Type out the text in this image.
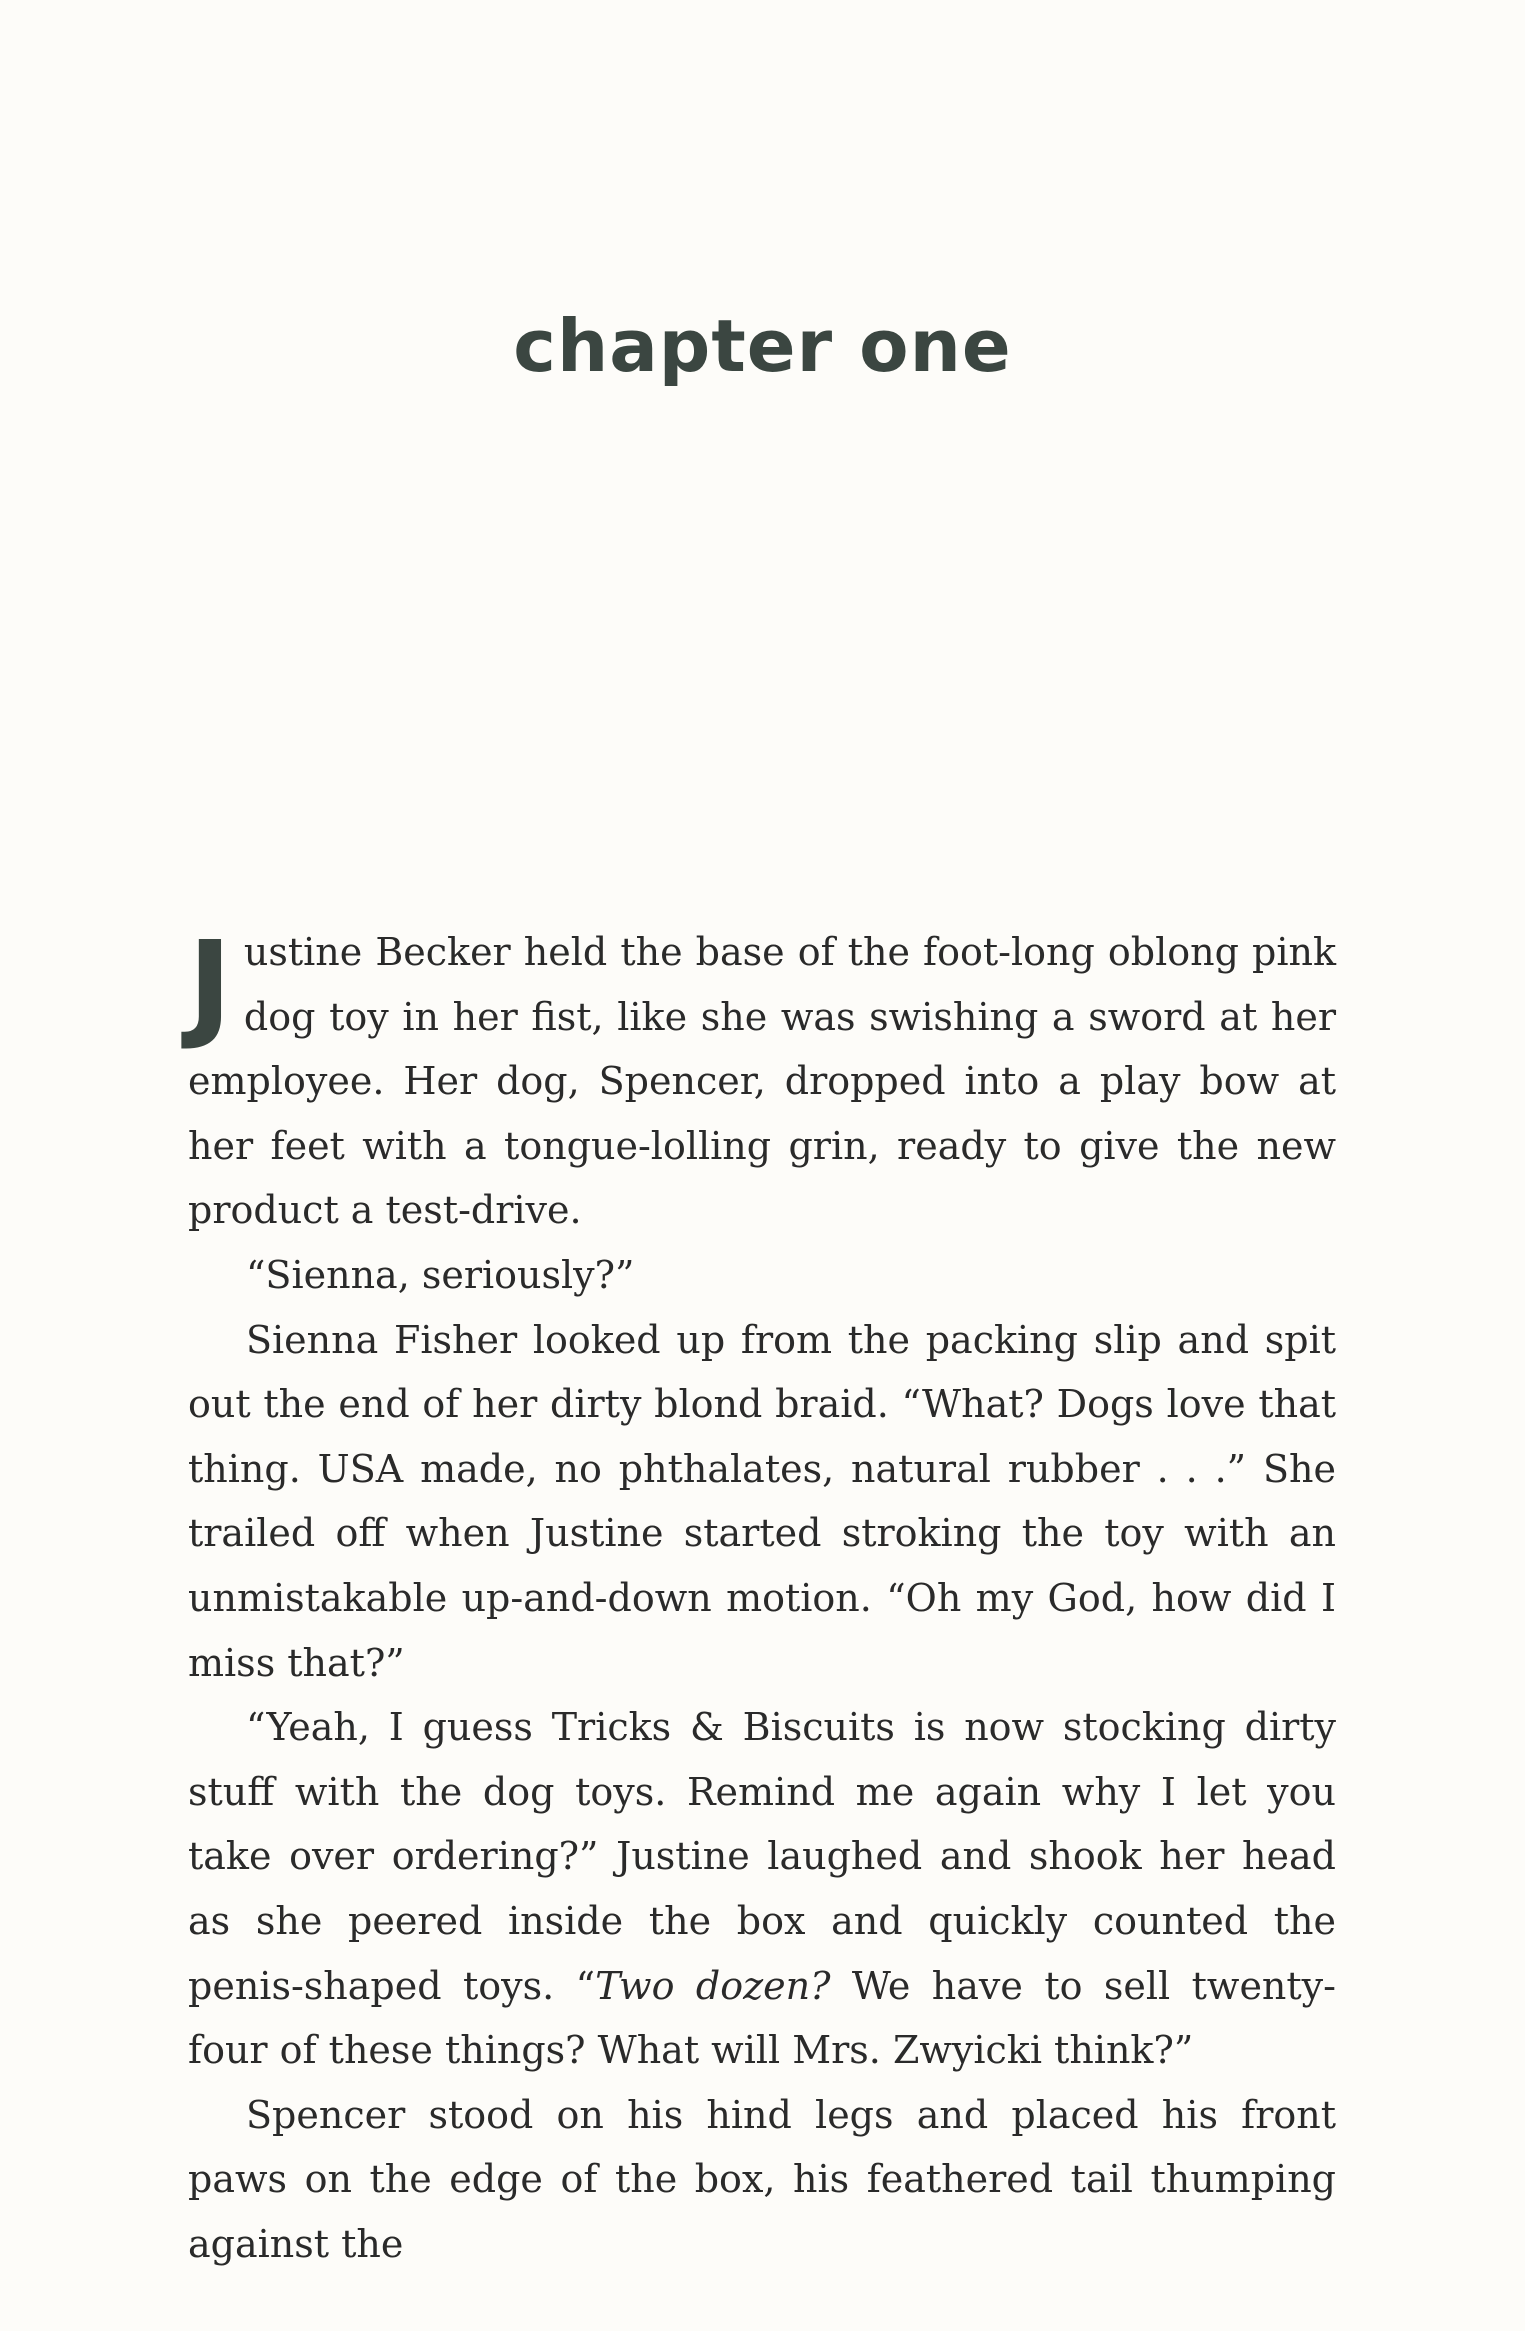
chapter one

Justine Becker held the base of the foot-long oblong pink dog toy in her fist, like she was swishing a sword at her employee. Her dog, Spencer, dropped into a play bow at her feet with a tongue-lolling grin, ready to give the new product a test-drive.

“Sienna, seriously?”

Sienna Fisher looked up from the packing slip and spit out the end of her dirty blond braid. “What? Dogs love that thing. USA made, no phthalates, natural rubber . . .” She trailed off when Justine started stroking the toy with an unmistakable up-and-down motion. “Oh my God, how did I miss that?”

“Yeah, I guess Tricks & Biscuits is now stocking dirty stuff with the dog toys. Remind me again why I let you take over ordering?” Justine laughed and shook her head as she peered inside the box and quickly counted the penis-shaped toys. “Two dozen? We have to sell twenty-four of these things? What will Mrs. Zwyicki think?”

Spencer stood on his hind legs and placed his front paws on the edge of the box, his feathered tail thumping against the
